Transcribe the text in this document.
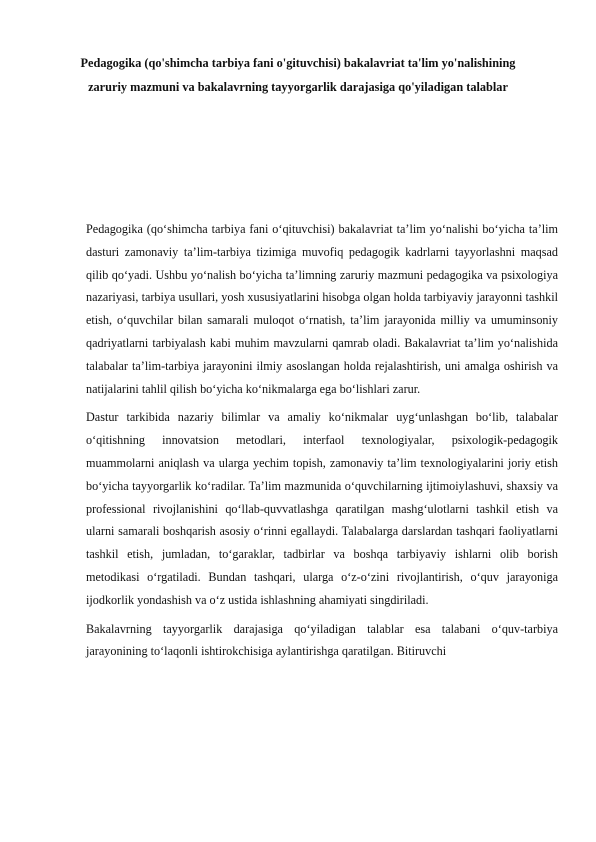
Pedagogika (qo'shimcha tarbiya fani o'gituvchisi) bakalavriat ta'lim yo'nalishining zaruriy mazmuni va bakalavrning tayyorgarlik darajasiga qo'yiladigan talablar

Pedagogika (qo‘shimcha tarbiya fani o‘qituvchisi) bakalavriat ta’lim yo‘nalishi bo‘yicha ta’lim dasturi zamonaviy ta’lim-tarbiya tizimiga muvofiq pedagogik kadrlarni tayyorlashni maqsad qilib qo‘yadi. Ushbu yo‘nalish bo‘yicha ta’limning zaruriy mazmuni pedagogika va psixologiya nazariyasi, tarbiya usullari, yosh xususiyatlarini hisobga olgan holda tarbiyaviy jarayonni tashkil etish, o‘quvchilar bilan samarali muloqot o‘rnatish, ta’lim jarayonida milliy va umuminsoniy qadriyatlarni tarbiyalash kabi muhim mavzularni qamrab oladi. Bakalavriat ta’lim yo‘nalishida talabalar ta’lim-tarbiya jarayonini ilmiy asoslangan holda rejalashtirish, uni amalga oshirish va natijalarini tahlil qilish bo‘yicha ko‘nikmalarga ega bo‘lishlari zarur.

Dastur tarkibida nazariy bilimlar va amaliy ko‘nikmalar uyg‘unlashgan bo‘lib, talabalar o‘qitishning innovatsion metodlari, interfaol texnologiyalar, psixologik-pedagogik muammolarni aniqlash va ularga yechim topish, zamonaviy ta’lim texnologiyalarini joriy etish bo‘yicha tayyorgarlik ko‘radilar. Ta’lim mazmunida o‘quvchilarning ijtimoiylashuvi, shaxsiy va professional rivojlanishini qo‘llab-quvvatlashga qaratilgan mashg‘ulotlarni tashkil etish va ularni samarali boshqarish asosiy o‘rinni egallaydi. Talabalarga darslardan tashqari faoliyatlarni tashkil etish, jumladan, to‘garaklar, tadbirlar va boshqa tarbiyaviy ishlarni olib borish metodikasi o‘rgatiladi. Bundan tashqari, ularga o‘z-o‘zini rivojlantirish, o‘quv jarayoniga ijodkorlik yondashish va o‘z ustida ishlashning ahamiyati singdiriladi.

Bakalavrning tayyorgarlik darajasiga qo‘yiladigan talablar esa talabani o‘quv-tarbiya jarayonining to‘laqonli ishtirokchisiga aylantirishga qaratilgan. Bitiruvchi
